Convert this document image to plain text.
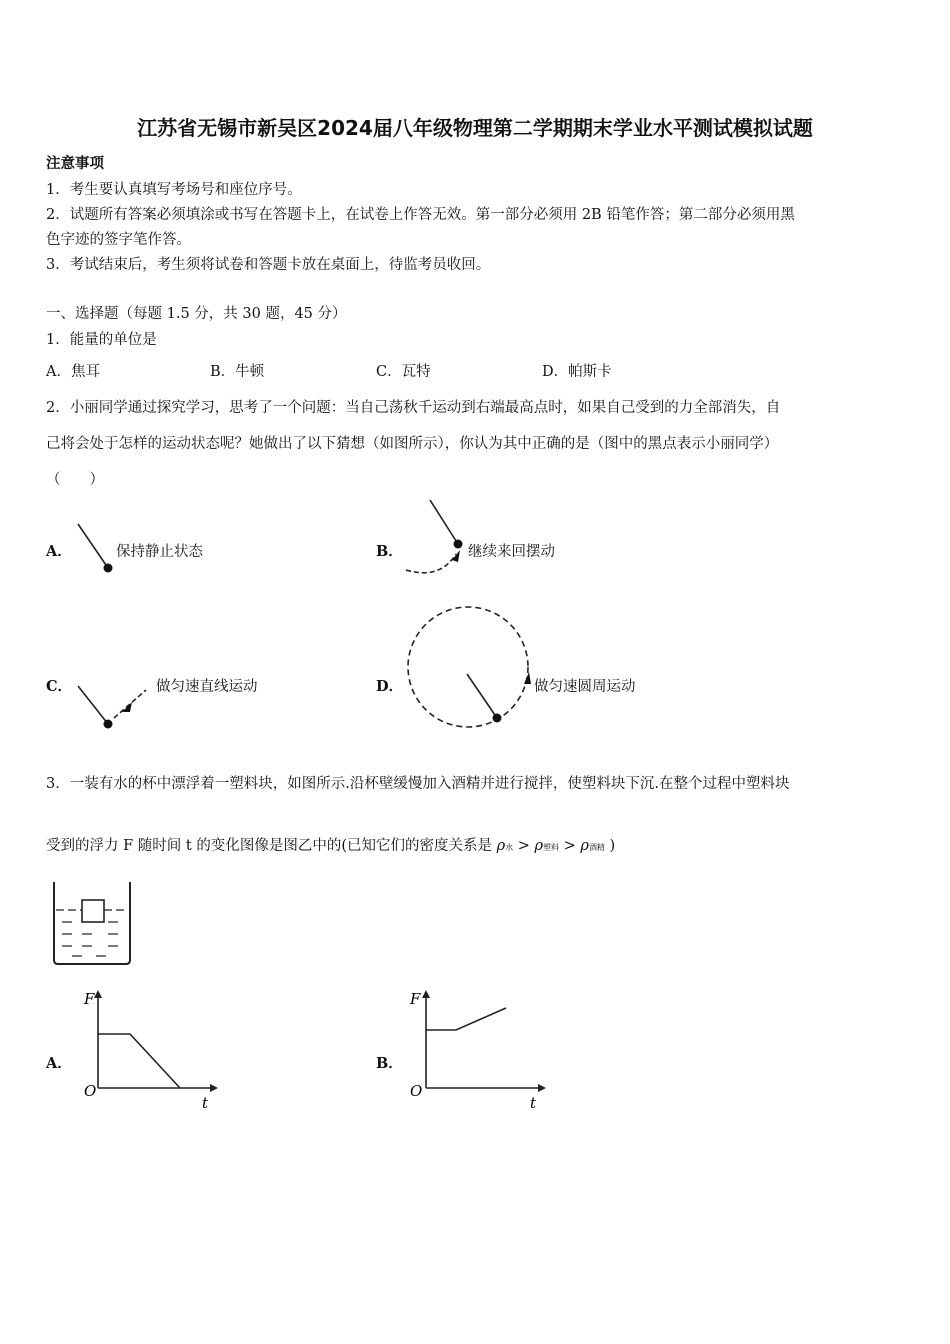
江苏省无锡市新吴区2024届八年级物理第二学期期末学业水平测试模拟试题
注意事项
1．考生要认真填写考场号和座位序号。
2．试题所有答案必须填涂或书写在答题卡上，在试卷上作答无效。第一部分必须用 2B 铅笔作答；第二部分必须用黑
色字迹的签字笔作答。
3．考试结束后，考生须将试卷和答题卡放在桌面上，待监考员收回。
一、选择题（每题 1.5 分，共 30 题，45 分）
1．能量的单位是
A．焦耳	B．牛顿	C．瓦特	D．帕斯卡
2．小丽同学通过探究学习，思考了一个问题：当自己荡秋千运动到右端最高点时，如果自己受到的力全部消失，自
己将会处于怎样的运动状态呢？她做出了以下猜想（如图所示），你认为其中正确的是（图中的黑点表示小丽同学）
（　　）
A．	保持静止状态	B．	继续来回摆动
C．	做匀速直线运动	D．	做匀速圆周运动
3．一装有水的杯中漂浮着一塑料块，如图所示.沿杯壁缓慢加入酒精并进行搅拌，使塑料块下沉.在整个过程中塑料块
受到的浮力 F 随时间 t 的变化图像是图乙中的(已知它们的密度关系是 ρ水 > ρ塑料 > ρ酒精 )
A．
F
O
t
B．
F
O
t
